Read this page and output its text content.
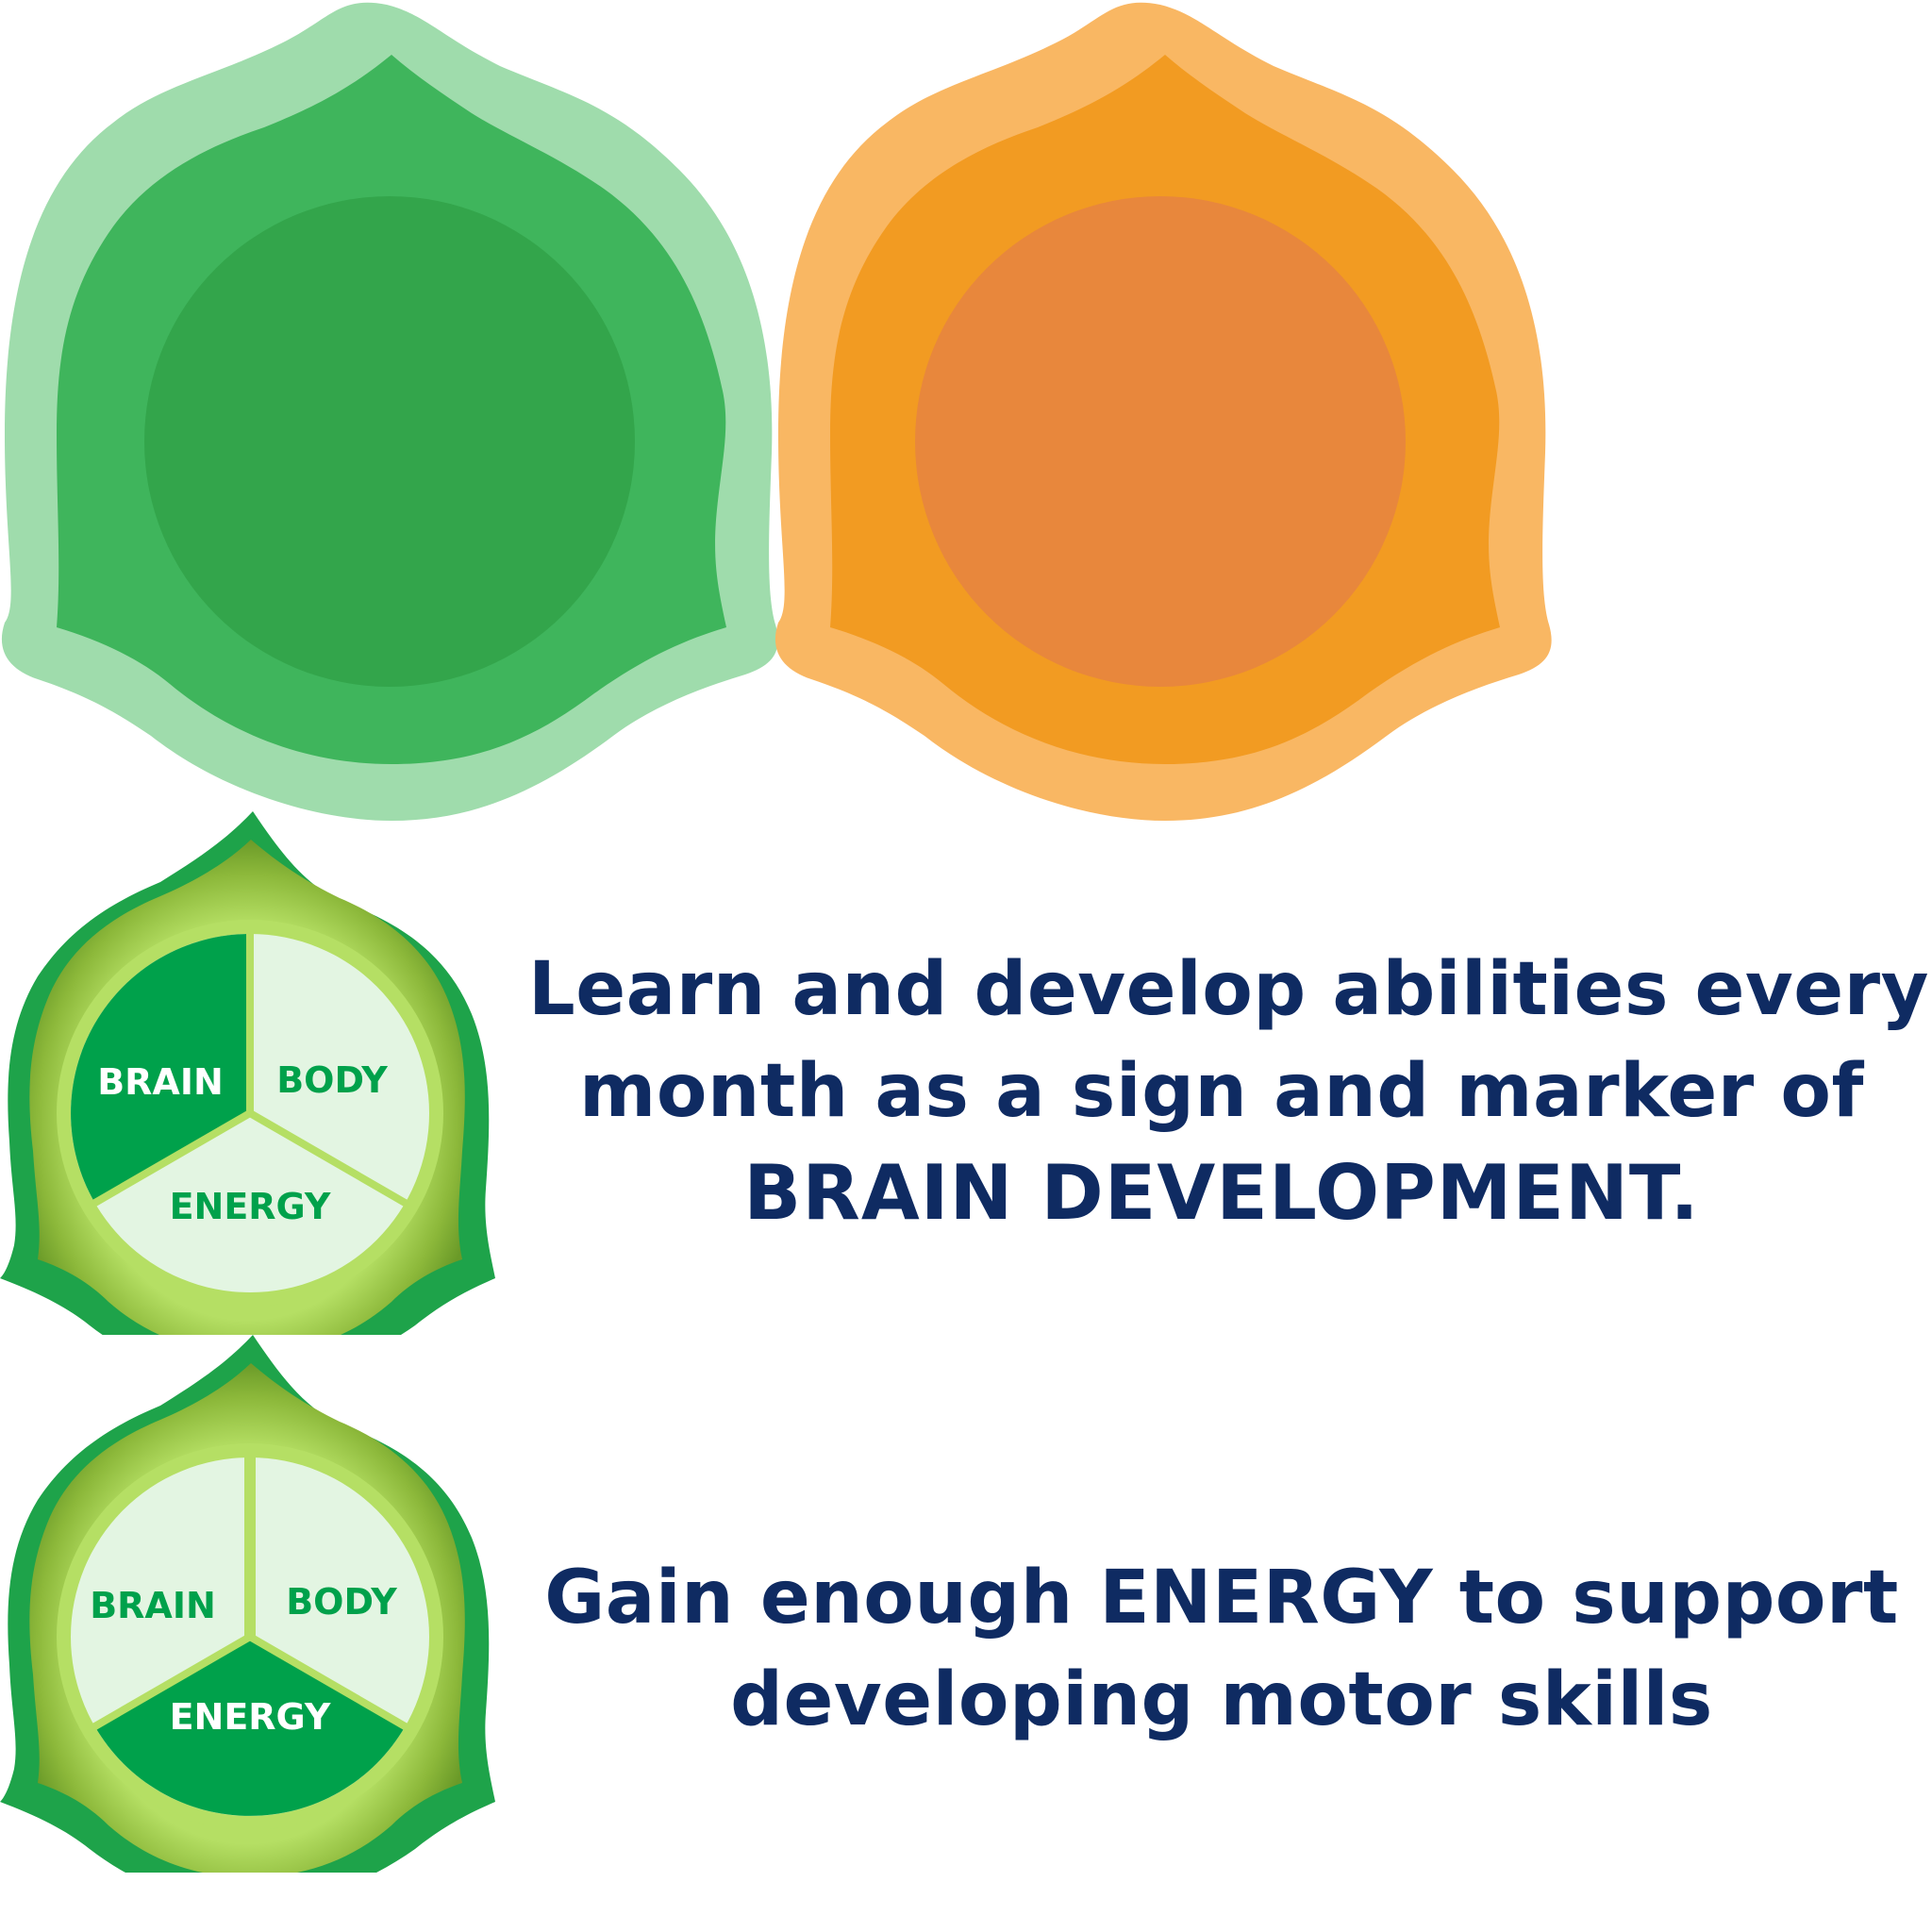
BRAIN BODY
ENERGY
BRAIN BODY
ENERGY
Learn and develop abilities every
month as a sign and marker of
BRAIN DEVELOPMENT.
Gain enough ENERGY to support
developing motor skills
